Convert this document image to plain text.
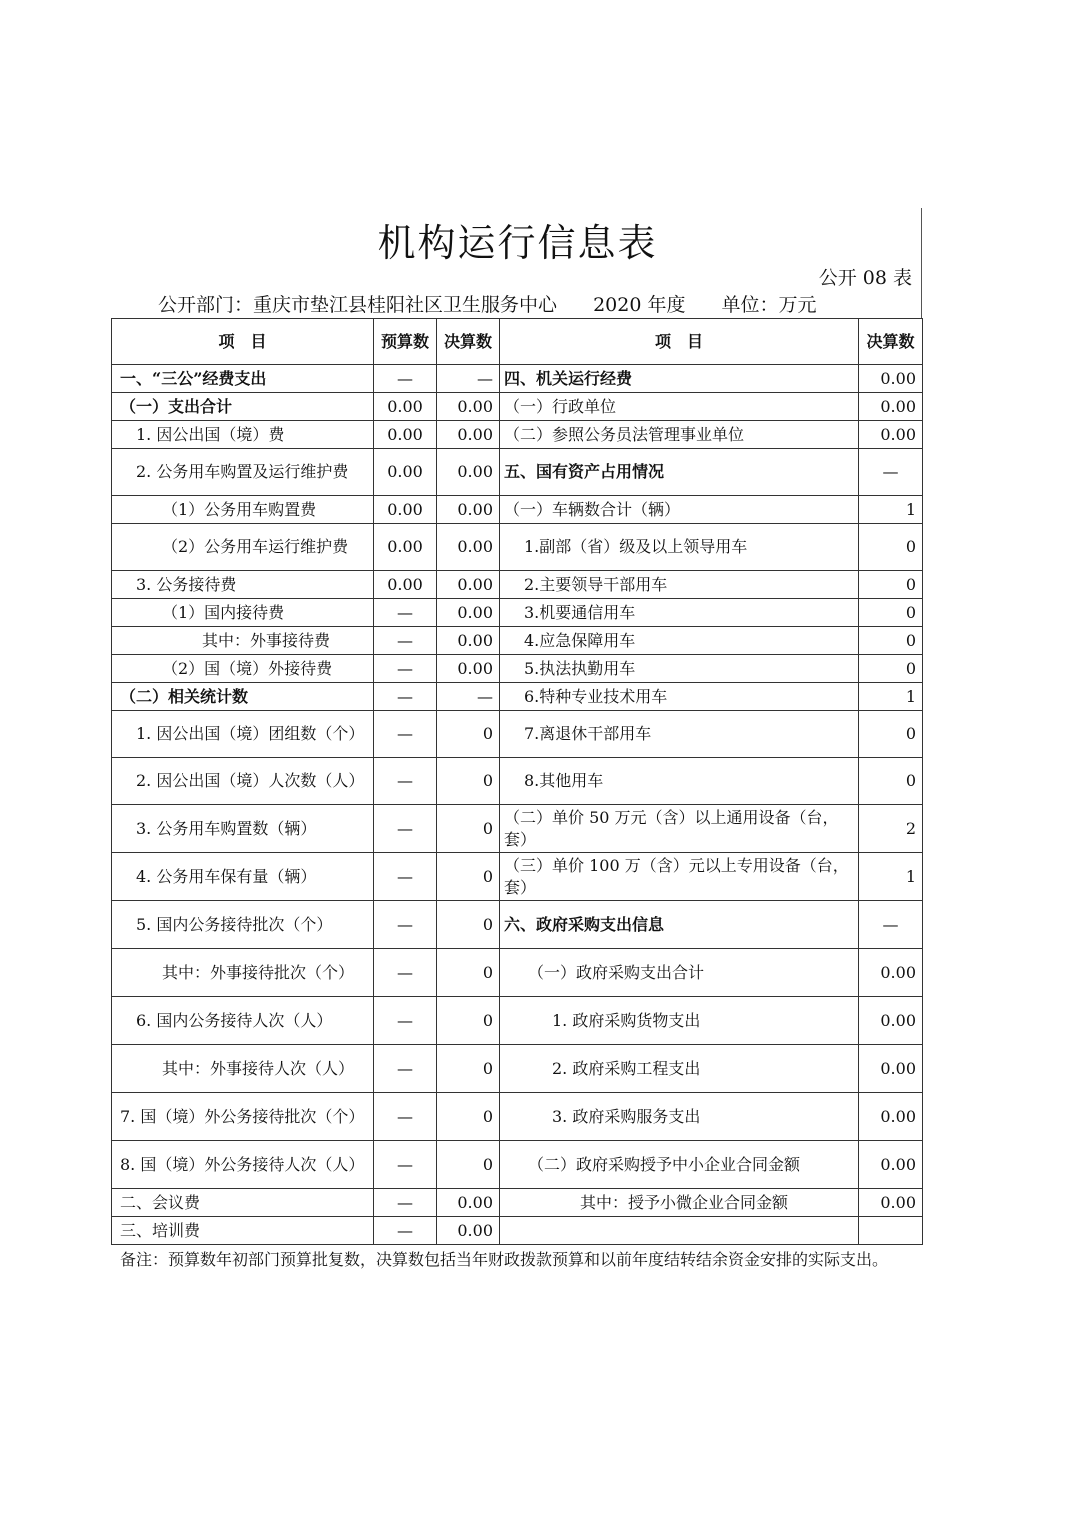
机构运行信息表
公开 08 表
公开部门：重庆市垫江县桂阳社区卫生服务中心 2020 年度 单位：万元
项　目	预算数	决算数	项　目	决算数
一、“三公”经费支出	—	—	四、机关运行经费	0.00
（一）支出合计	0.00	0.00	（一）行政单位	0.00
1. 因公出国（境）费	0.00	0.00	（二）参照公务员法管理事业单位	0.00
2. 公务用车购置及运行维护费	0.00	0.00	五、国有资产占用情况	—
（1）公务用车购置费	0.00	0.00	（一）车辆数合计（辆）	1
（2）公务用车运行维护费	0.00	0.00	1.副部（省）级及以上领导用车	0
3. 公务接待费	0.00	0.00	2.主要领导干部用车	0
（1）国内接待费	—	0.00	3.机要通信用车	0
其中：外事接待费	—	0.00	4.应急保障用车	0
（2）国（境）外接待费	—	0.00	5.执法执勤用车	0
（二）相关统计数	—	—	6.特种专业技术用车	1
1. 因公出国（境）团组数（个）	—	0	7.离退休干部用车	0
2. 因公出国（境）人次数（人）	—	0	8.其他用车	0
3. 公务用车购置数（辆）	—	0	（二）单价 50 万元（含）以上通用设备（台，套）	2
4. 公务用车保有量（辆）	—	0	（三）单价 100 万（含）元以上专用设备（台，套）	1
5. 国内公务接待批次（个）	—	0	六、政府采购支出信息	—
其中：外事接待批次（个）	—	0	（一）政府采购支出合计	0.00
6. 国内公务接待人次（人）	—	0	1. 政府采购货物支出	0.00
其中：外事接待人次（人）	—	0	2. 政府采购工程支出	0.00
7. 国（境）外公务接待批次（个）	—	0	3. 政府采购服务支出	0.00
8. 国（境）外公务接待人次（人）	—	0	（二）政府采购授予中小企业合同金额	0.00
二、会议费	—	0.00	其中：授予小微企业合同金额	0.00
三、培训费	—	0.00		
备注：预算数年初部门预算批复数，决算数包括当年财政拨款预算和以前年度结转结余资金安排的实际支出。
